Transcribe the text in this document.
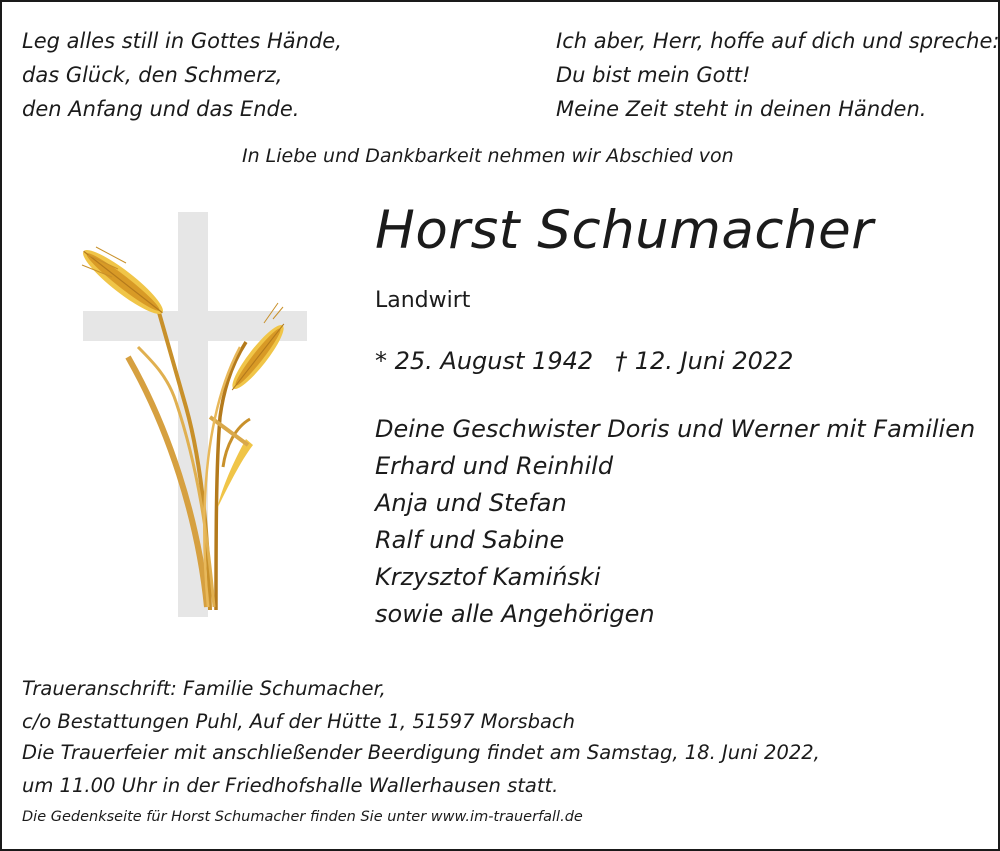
Leg alles still in Gottes Hände,
das Glück, den Schmerz,
den Anfang und das Ende.
Ich aber, Herr, hoffe auf dich und spreche:
Du bist mein Gott!
Meine Zeit steht in deinen Händen.
In Liebe und Dankbarkeit nehmen wir Abschied von
Horst Schumacher
Landwirt
* 25. August 1942 † 12. Juni 2022
Deine Geschwister Doris und Werner mit Familien
Erhard und Reinhild
Anja und Stefan
Ralf und Sabine
Krzysztof Kamiński
sowie alle Angehörigen
Traueranschrift: Familie Schumacher,
c/o Bestattungen Puhl, Auf der Hütte 1, 51597 Morsbach
Die Trauerfeier mit anschließender Beerdigung findet am Samstag, 18. Juni 2022,
um 11.00 Uhr in der Friedhofshalle Wallerhausen statt.
Die Gedenkseite für Horst Schumacher finden Sie unter www.im-trauerfall.de
